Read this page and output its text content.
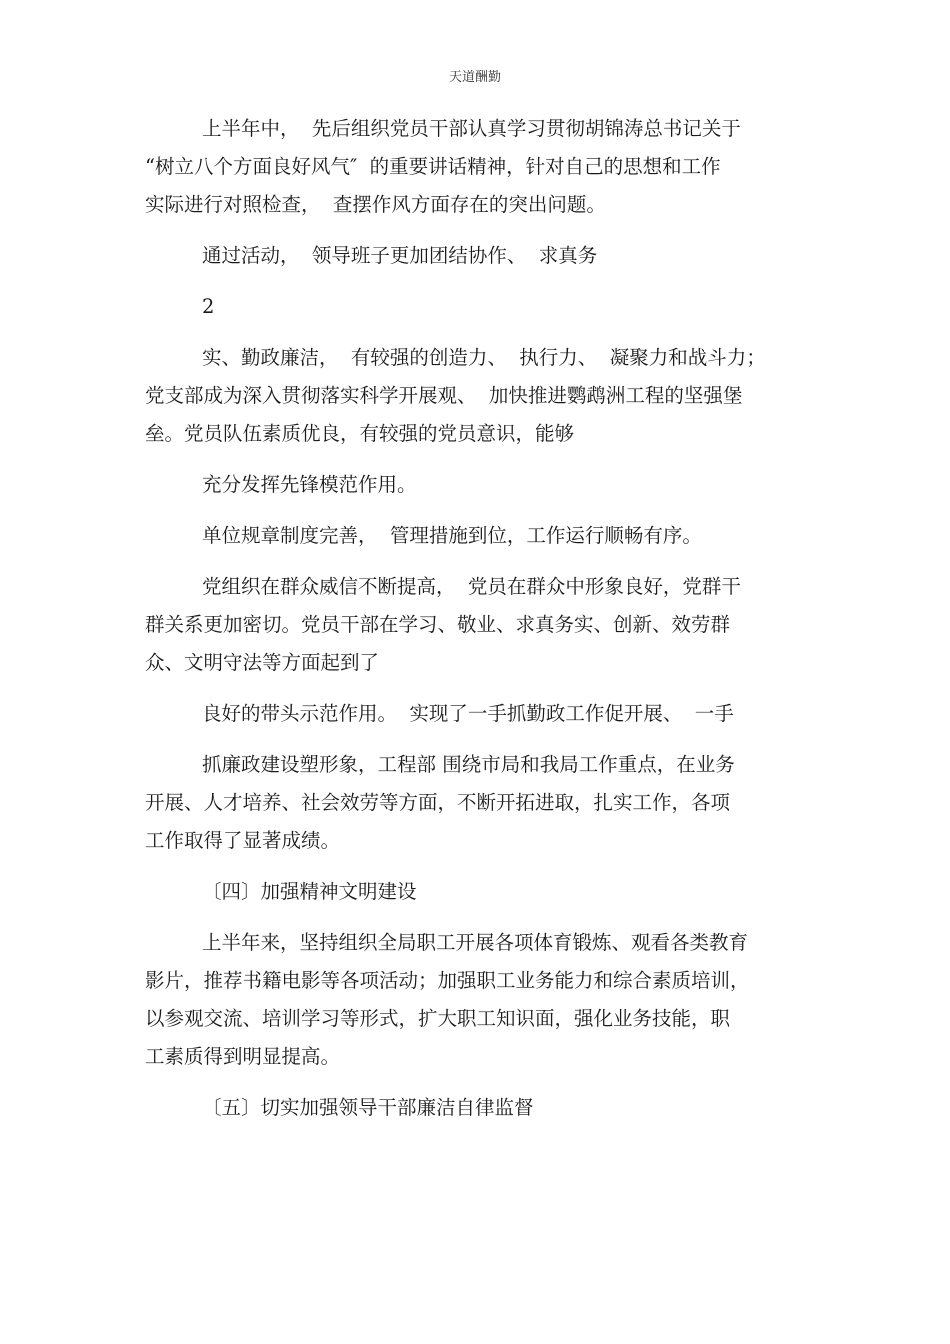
天道酬勤
上半年中，  先后组织党员干部认真学习贯彻胡锦涛总书记关于
“树立八个方面良好风气″  的重要讲话精神，针对自己的思想和工作
实际进行对照检查，  查摆作风方面存在的突出问题。
通过活动，  领导班子更加团结协作、  求真务
2
实、勤政廉洁，  有较强的创造力、  执行力、  凝聚力和战斗力；
党支部成为深入贯彻落实科学开展观、  加快推进鹦鹉洲工程的坚强堡
垒。党员队伍素质优良，有较强的党员意识，能够
充分发挥先锋模范作用。
单位规章制度完善，  管理措施到位，工作运行顺畅有序。
党组织在群众威信不断提高，  党员在群众中形象良好，党群干
群关系更加密切。党员干部在学习、敬业、求真务实、创新、效劳群
众、文明守法等方面起到了
良好的带头示范作用。  实现了一手抓勤政工作促开展、  一手
抓廉政建设塑形象，工程部 围绕市局和我局工作重点，在业务
开展、人才培养、社会效劳等方面，不断开拓进取，扎实工作，各项
工作取得了显著成绩。
〔四〕加强精神文明建设
上半年来，坚持组织全局职工开展各项体育锻炼、观看各类教育
影片，推荐书籍电影等各项活动；加强职工业务能力和综合素质培训，
以参观交流、培训学习等形式，扩大职工知识面，强化业务技能，职
工素质得到明显提高。
〔五〕切实加强领导干部廉洁自律监督
